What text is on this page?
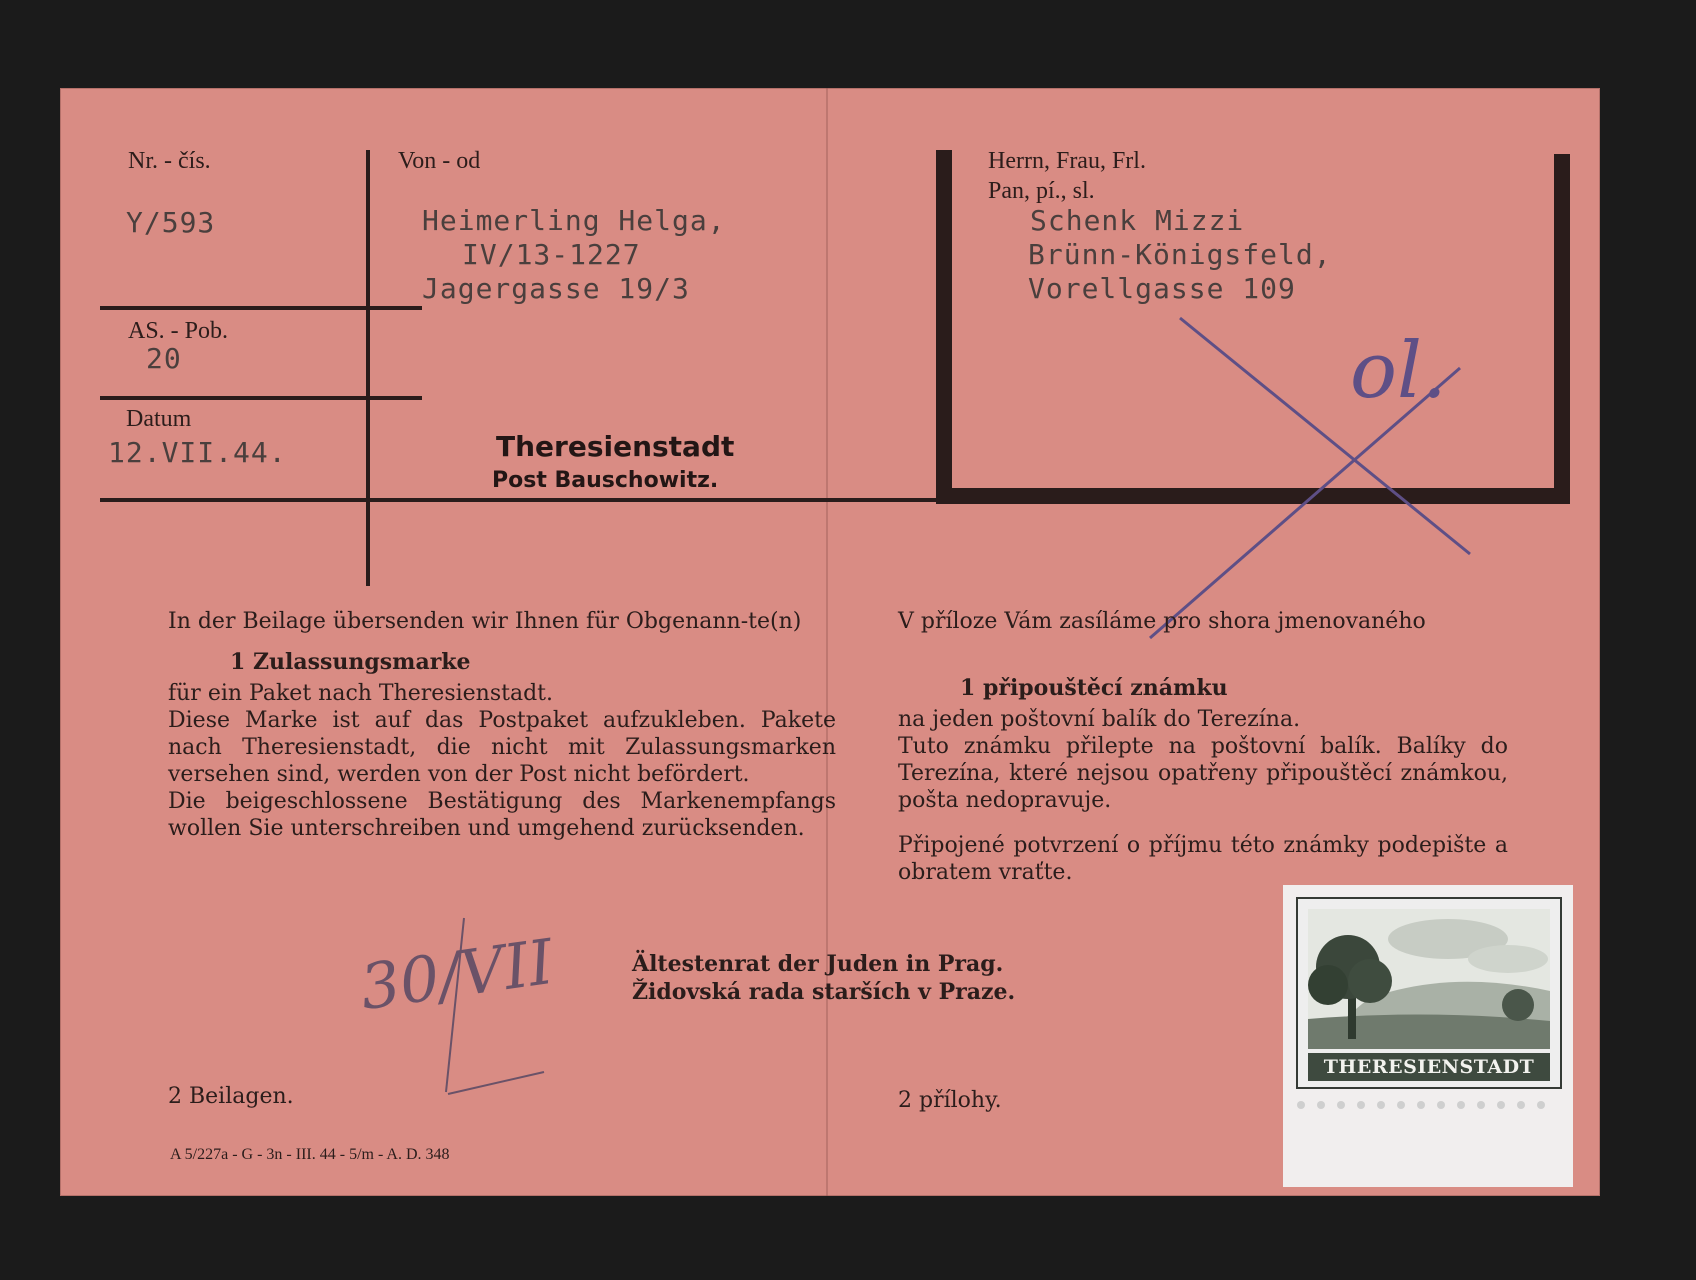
Nr. - čís.
Y/593
AS. - Pob.
20
Datum
12.VII.44.
Von - od
Heimerling Helga,
IV/13-1227
Jagergasse 19/3
Theresienstadt
Post Bauschowitz.
Herrn, Frau, Frl.
Pan, pí., sl.
Schenk Mizzi
Brünn-Königsfeld,
Vorellgasse 109
ol.

In der Beilage übersenden wir Ihnen für Obgenann-te(n)

1 Zulassungsmarke

für ein Paket nach Theresienstadt.

Diese Marke ist auf das Postpaket aufzukleben. Pakete nach Theresienstadt, die nicht mit Zulassungsmarken versehen sind, werden von der Post nicht befördert.

Die beigeschlossene Bestätigung des Markenempfangs wollen Sie unterschreiben und umgehend zurücksenden.

V příloze Vám zasíláme pro shora jmenovaného

1 připouštěcí známku

na jeden poštovní balík do Terezína.

Tuto známku přilepte na poštovní balík. Balíky do Terezína, které nejsou opatřeny připouštěcí známkou, pošta nedopravuje.

Připojené potvrzení o příjmu této známky podepište a obratem vraťte.

Ältestenrat der Juden in Prag.
Židovská rada starších v Praze.
30/VII
2 Beilagen.	2 přílohy.
A 5/227a - G - 3n - III. 44 - 5/m - A. D. 348
THERESIENSTADT
